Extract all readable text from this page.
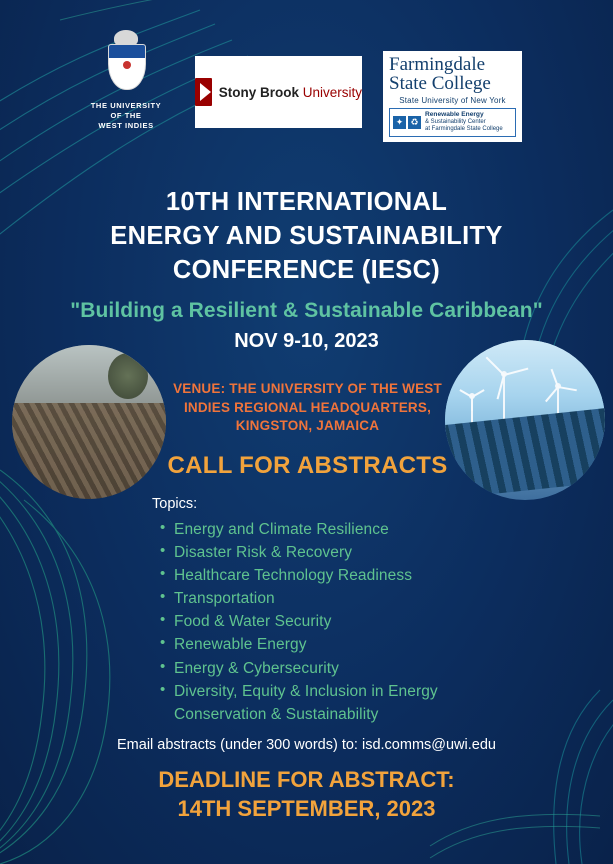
THE UNIVERSITY
OF THE
WEST INDIES
Stony Brook University
Farmingdale
State College
State University of New York
✦ ♻
Renewable Energy
& Sustainability Center
at Farmingdale State College
10TH INTERNATIONAL
ENERGY AND SUSTAINABILITY
CONFERENCE (IESC)
"Building a Resilient & Sustainable Caribbean"
NOV 9-10, 2023
VENUE: THE UNIVERSITY OF THE WEST
INDIES REGIONAL HEADQUARTERS,
KINGSTON, JAMAICA
CALL FOR ABSTRACTS
Topics:
• Energy and Climate Resilience
• Disaster Risk & Recovery
• Healthcare Technology Readiness
• Transportation
• Food & Water Security
• Renewable Energy
• Energy & Cybersecurity
• Diversity, Equity & Inclusion in Energy
Conservation & Sustainability
Email abstracts (under 300 words) to: isd.comms@uwi.edu
DEADLINE FOR ABSTRACT:
14TH SEPTEMBER, 2023
